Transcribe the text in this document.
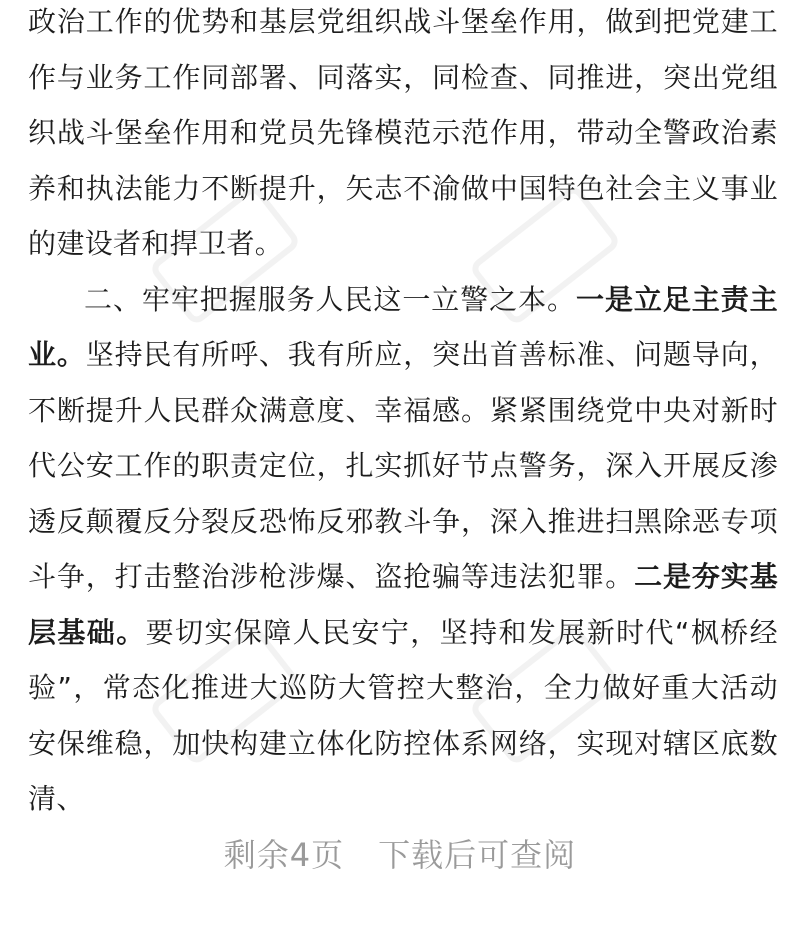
政治工作的优势和基层党组织战斗堡垒作用，做到把党建工作与业务工作同部署、同落实，同检查、同推进，突出党组织战斗堡垒作用和党员先锋模范示范作用，带动全警政治素养和执法能力不断提升，矢志不渝做中国特色社会主义事业的建设者和捍卫者。

二、牢牢把握服务人民这一立警之本。一是立足主责主业。坚持民有所呼、我有所应，突出首善标准、问题导向，不断提升人民群众满意度、幸福感。紧紧围绕党中央对新时代公安工作的职责定位，扎实抓好节点警务，深入开展反渗透反颠覆反分裂反恐怖反邪教斗争，深入推进扫黑除恶专项斗争，打击整治涉枪涉爆、盗抢骗等违法犯罪。二是夯实基层基础。要切实保障人民安宁，坚持和发展新时代“枫桥经验”，常态化推进大巡防大管控大整治，全力做好重大活动安保维稳，加快构建立体化防控体系网络，实现对辖区底数清、

剩余4页 下载后可查阅
